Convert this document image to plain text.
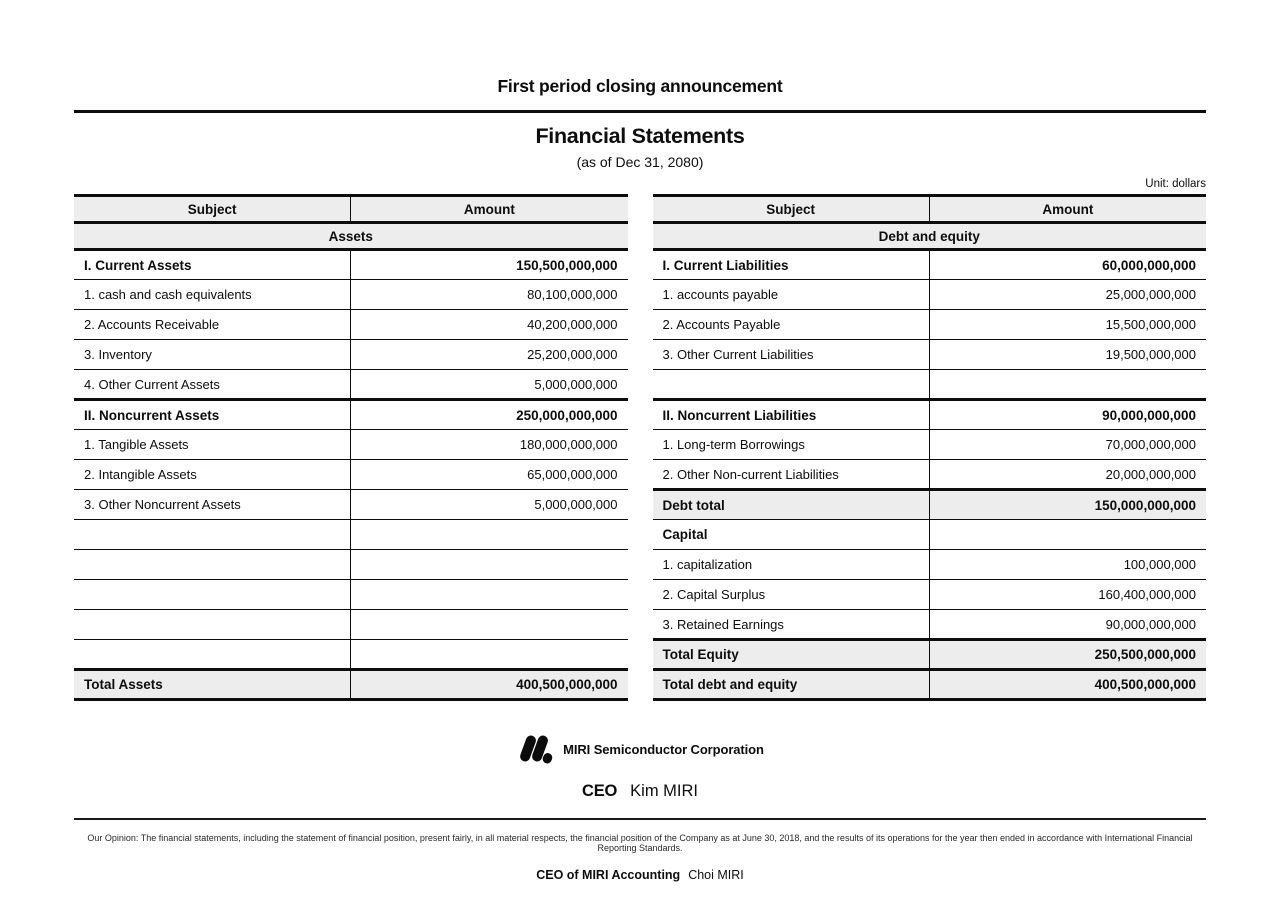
First period closing announcement
Financial Statements
(as of Dec 31, 2080)
Unit: dollars
Subject	Amount
Assets	
I. Current Assets	150,500,000,000
1. cash and cash equivalents	80,100,000,000
2. Accounts Receivable	40,200,000,000
3. Inventory	25,200,000,000
4. Other Current Assets	5,000,000,000
II. Noncurrent Assets	250,000,000,000
1. Tangible Assets	180,000,000,000
2. Intangible Assets	65,000,000,000
3. Other Noncurrent Assets	5,000,000,000

Total Assets	400,500,000,000
Subject	Amount
Debt and equity	
I. Current Liabilities	60,000,000,000
1. accounts payable	25,000,000,000
2. Accounts Payable	15,500,000,000
3. Other Current Liabilities	19,500,000,000

II. Noncurrent Liabilities	90,000,000,000
1. Long-term Borrowings	70,000,000,000
2. Other Non-current Liabilities	20,000,000,000
Debt total	150,000,000,000
Capital	
1. capitalization	100,000,000
2. Capital Surplus	160,400,000,000
3. Retained Earnings	90,000,000,000
Total Equity	250,500,000,000
Total debt and equity	400,500,000,000
MIRI Semiconductor Corporation
CEO Kim MIRI
Our Opinion: The financial statements, including the statement of financial position, present fairly, in all material respects, the financial position of the Company as at June 30, 2018, and the results of its operations for the year then ended in accordance with International Financial Reporting Standards.
CEO of MIRI Accounting Choi MIRI
